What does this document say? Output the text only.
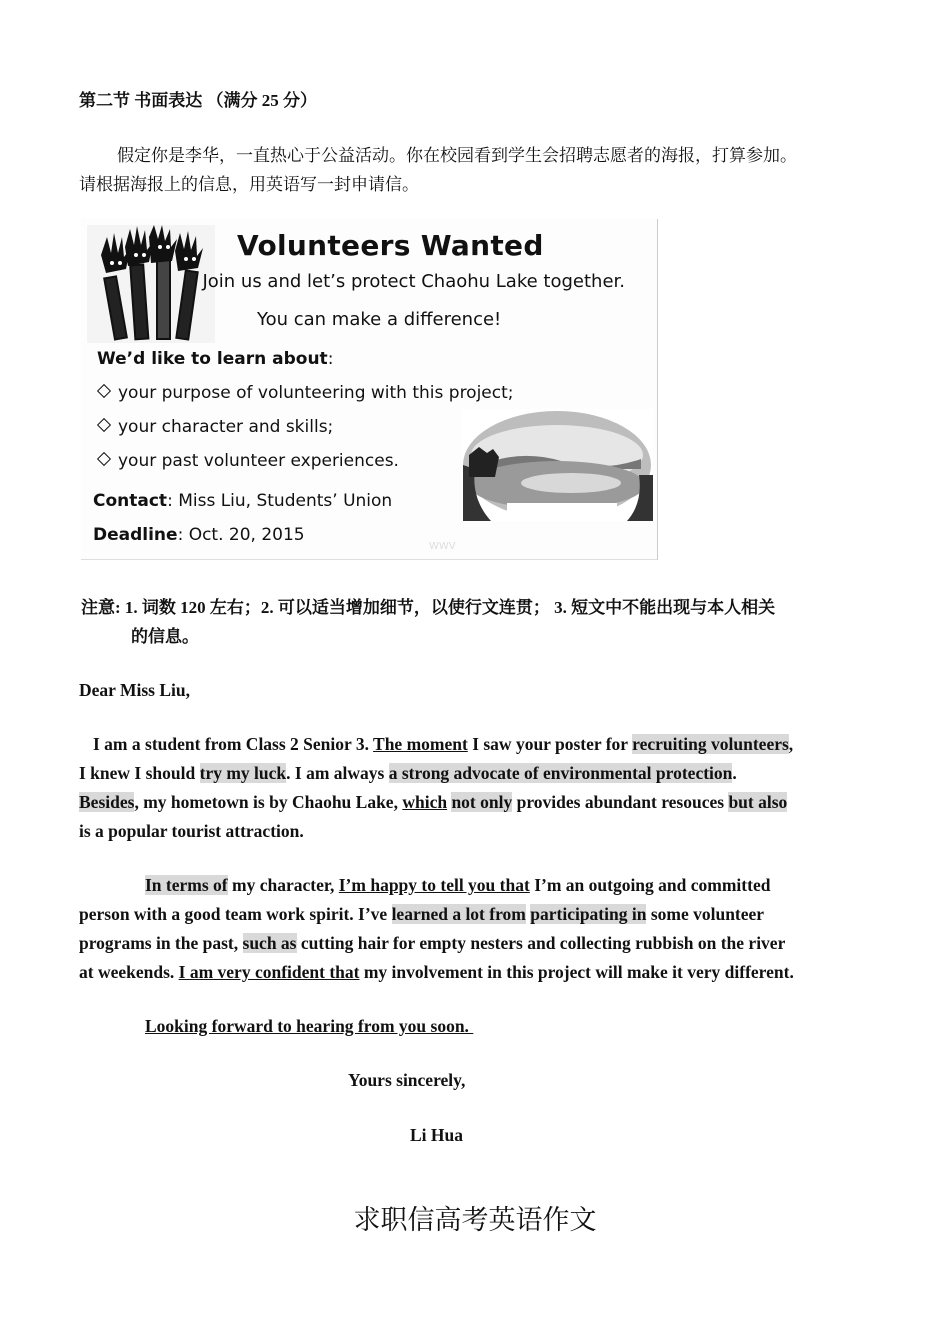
第二节 书面表达 （满分 25 分）

假定你是李华，一直热心于公益活动。你在校园看到学生会招聘志愿者的海报，打算参加。

请根据海报上的信息，用英语写一封申请信。

Volunteers Wanted
Join us and let’s protect Chaohu Lake together.
You can make a difference!
We’d like to learn about:
your purpose of volunteering with this project;
your character and skills;
your past volunteer experiences.
Contact: Miss Liu, Students’ Union
Deadline: Oct. 20, 2015
WWV

注意: 1. 词数 120 左右；2. 可以适当增加细节，以使行文连贯； 3. 短文中不能出现与本人相关

的信息。

Dear Miss Liu,
I am a student from Class 2 Senior 3. The moment I saw your poster for recruiting volunteers,
I knew I should try my luck. I am always a strong advocate of environmental protection.
Besides, my hometown is by Chaohu Lake, which not only provides abundant resouces but also
is a popular tourist attraction.
In terms of my character, I’m happy to tell you that I’m an outgoing and committed
person with a good team work spirit. I’ve learned a lot from participating in some volunteer
programs in the past, such as cutting hair for empty nesters and collecting rubbish on the river
at weekends. I am very confident that my involvement in this project will make it very different.
Looking forward to hearing from you soon.
Yours sincerely,
Li Hua
求职信高考英语作文
